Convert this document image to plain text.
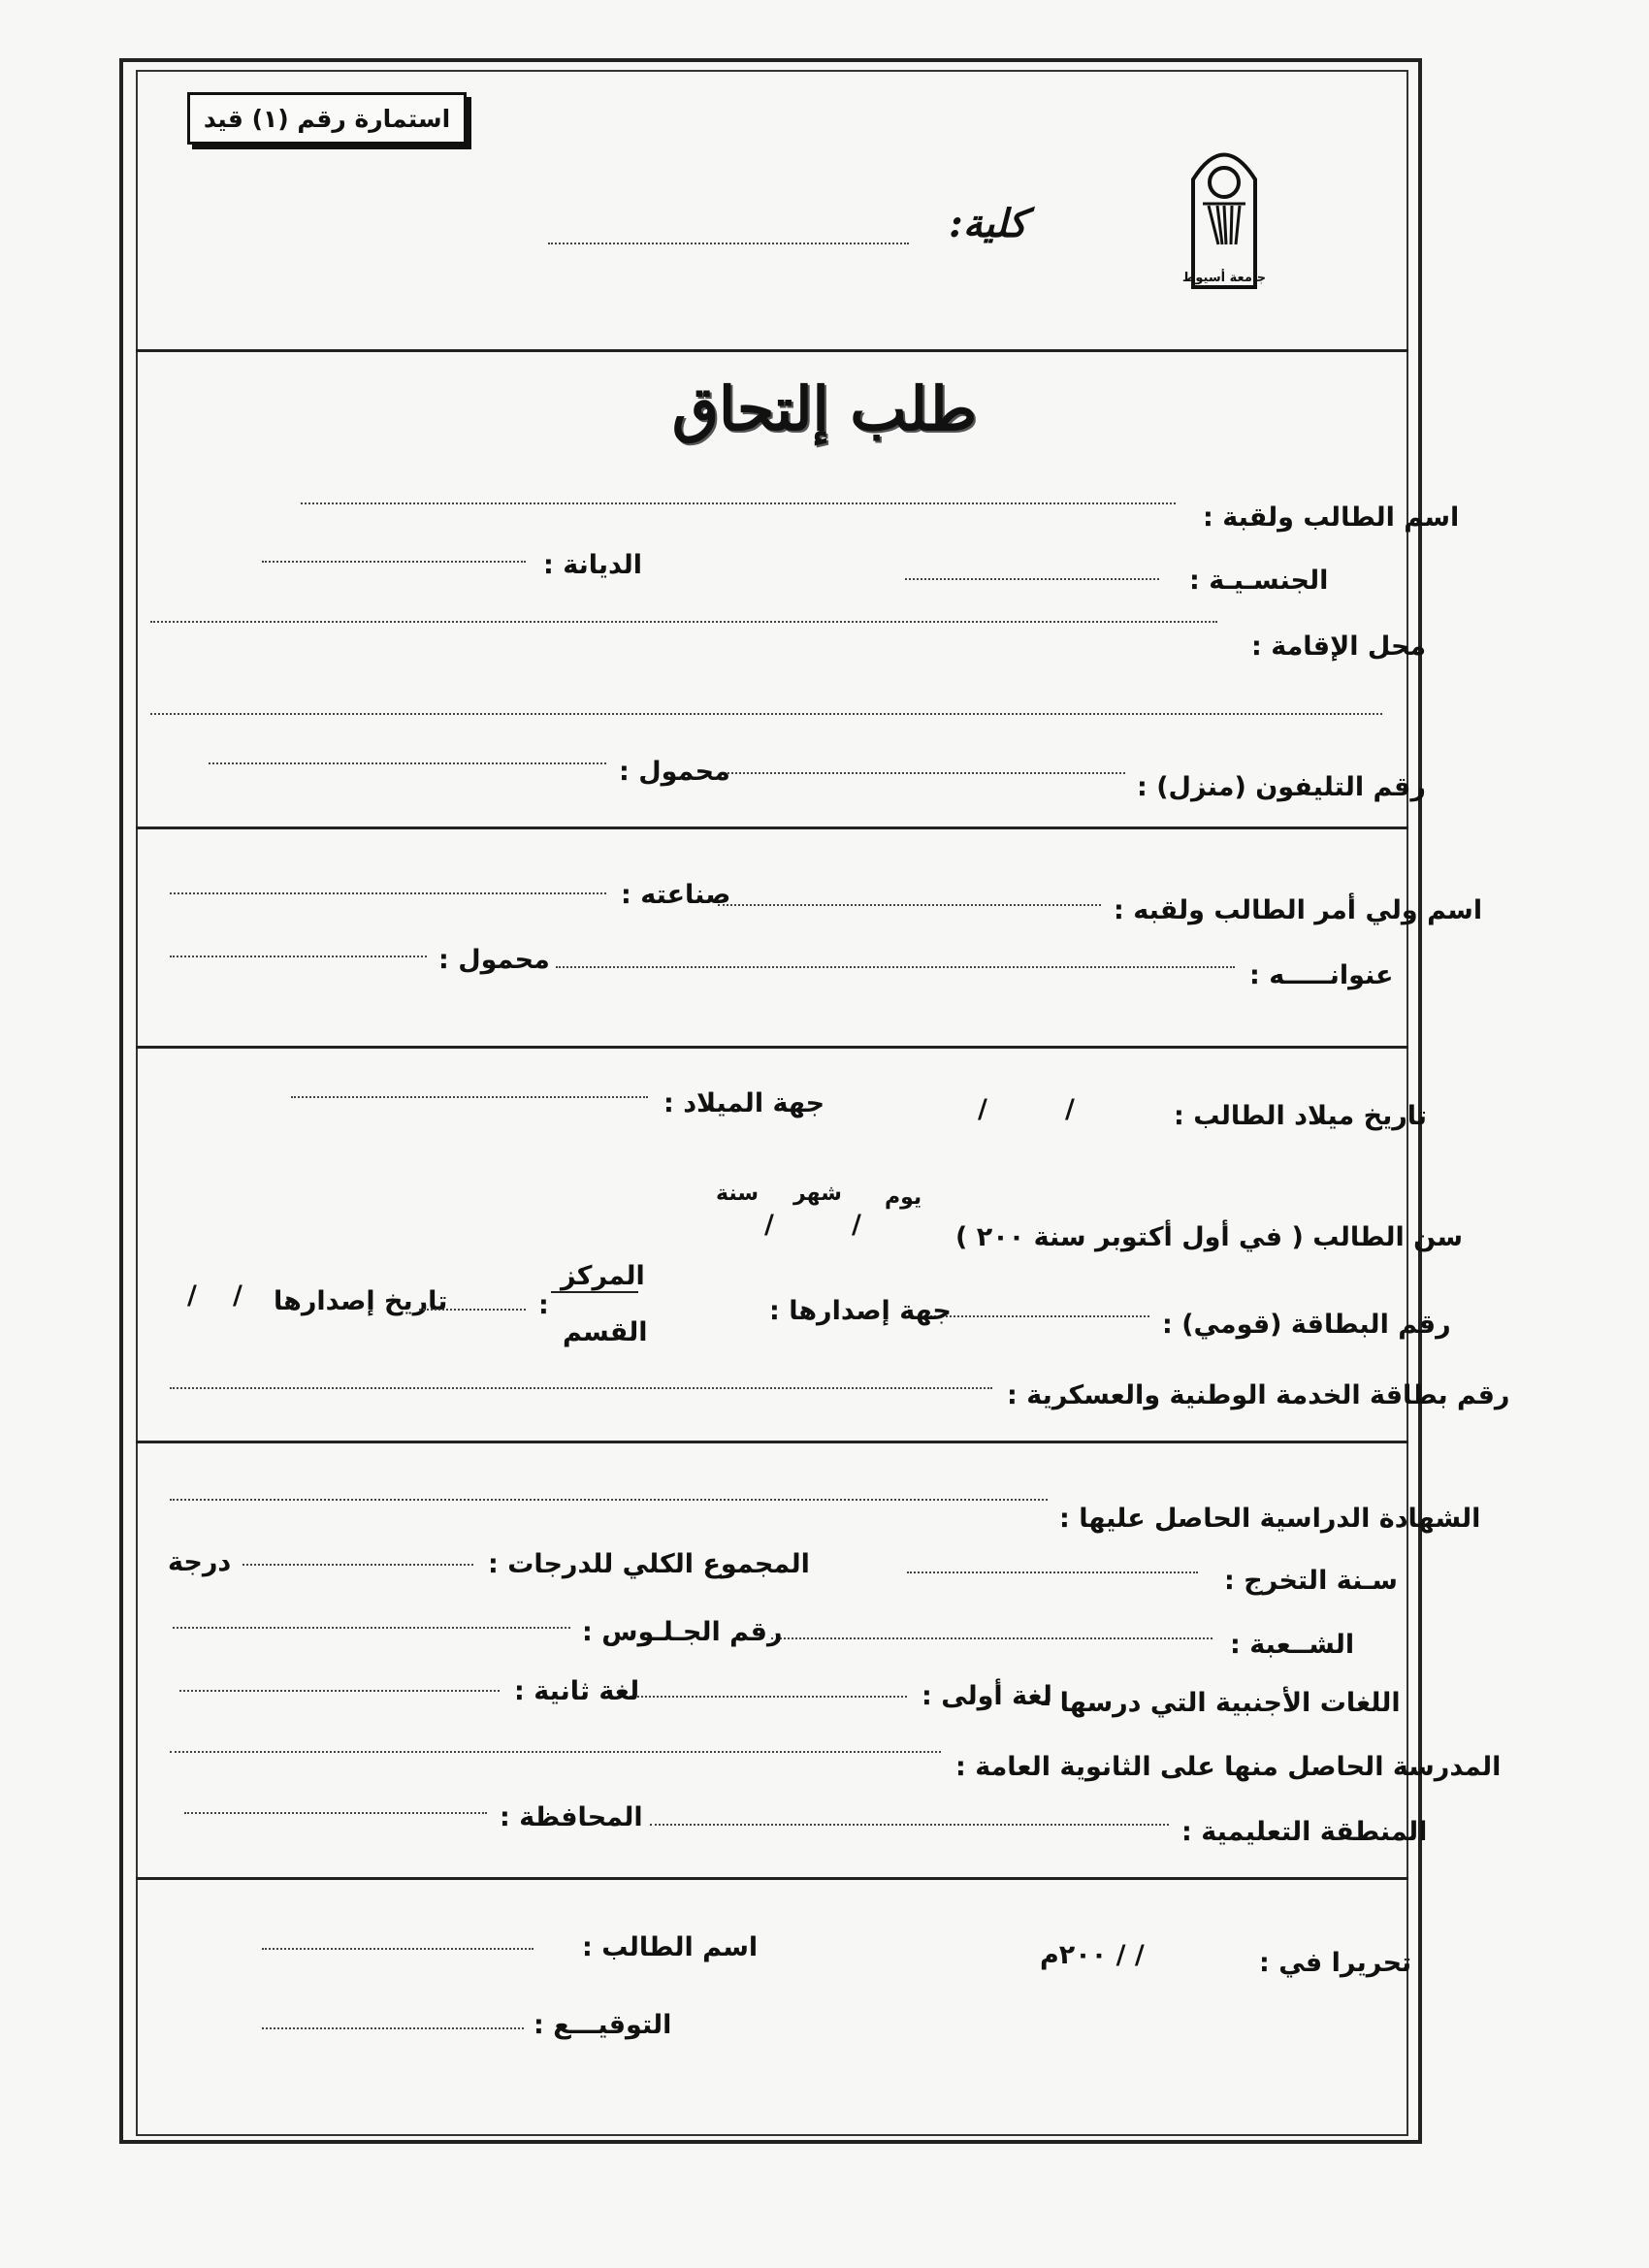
استمارة رقم (١) قيد
جامعة أسيوط
كلية:
طلب إلتحاق
اسم الطالب ولقبة :
الجنسـيـة :
الديانة :
محل الإقامة :
رقم التليفون (منزل) :
محمول :
اسم ولي أمر الطالب ولقبه :
صناعته :
عنوانـــــه :
محمول :
تاريخ ميلاد الطالب :
/
/
جهة الميلاد :
سنة شهر يوم
سن الطالب ( في أول أكتوبر سنة ٢٠٠ )
/
/
رقم البطاقة (قومي) :
جهة إصدارها :
المركز
القسم
:
تاريخ إصدارها
/
/
رقم بطاقة الخدمة الوطنية والعسكرية :
الشهادة الدراسية الحاصل عليها :
سـنة التخرج :
المجموع الكلي للدرجات :
درجة
الشــعبة :
رقم الجـلـوس :
اللغات الأجنبية التي درسها -
لغة أولى :
لغة ثانية :
المدرسة الحاصل منها على الثانوية العامة :
المنطقة التعليمية :
المحافظة :
تحريرا في :
/ / ٢٠٠م
اسم الطالب :
التوقيـــع :
